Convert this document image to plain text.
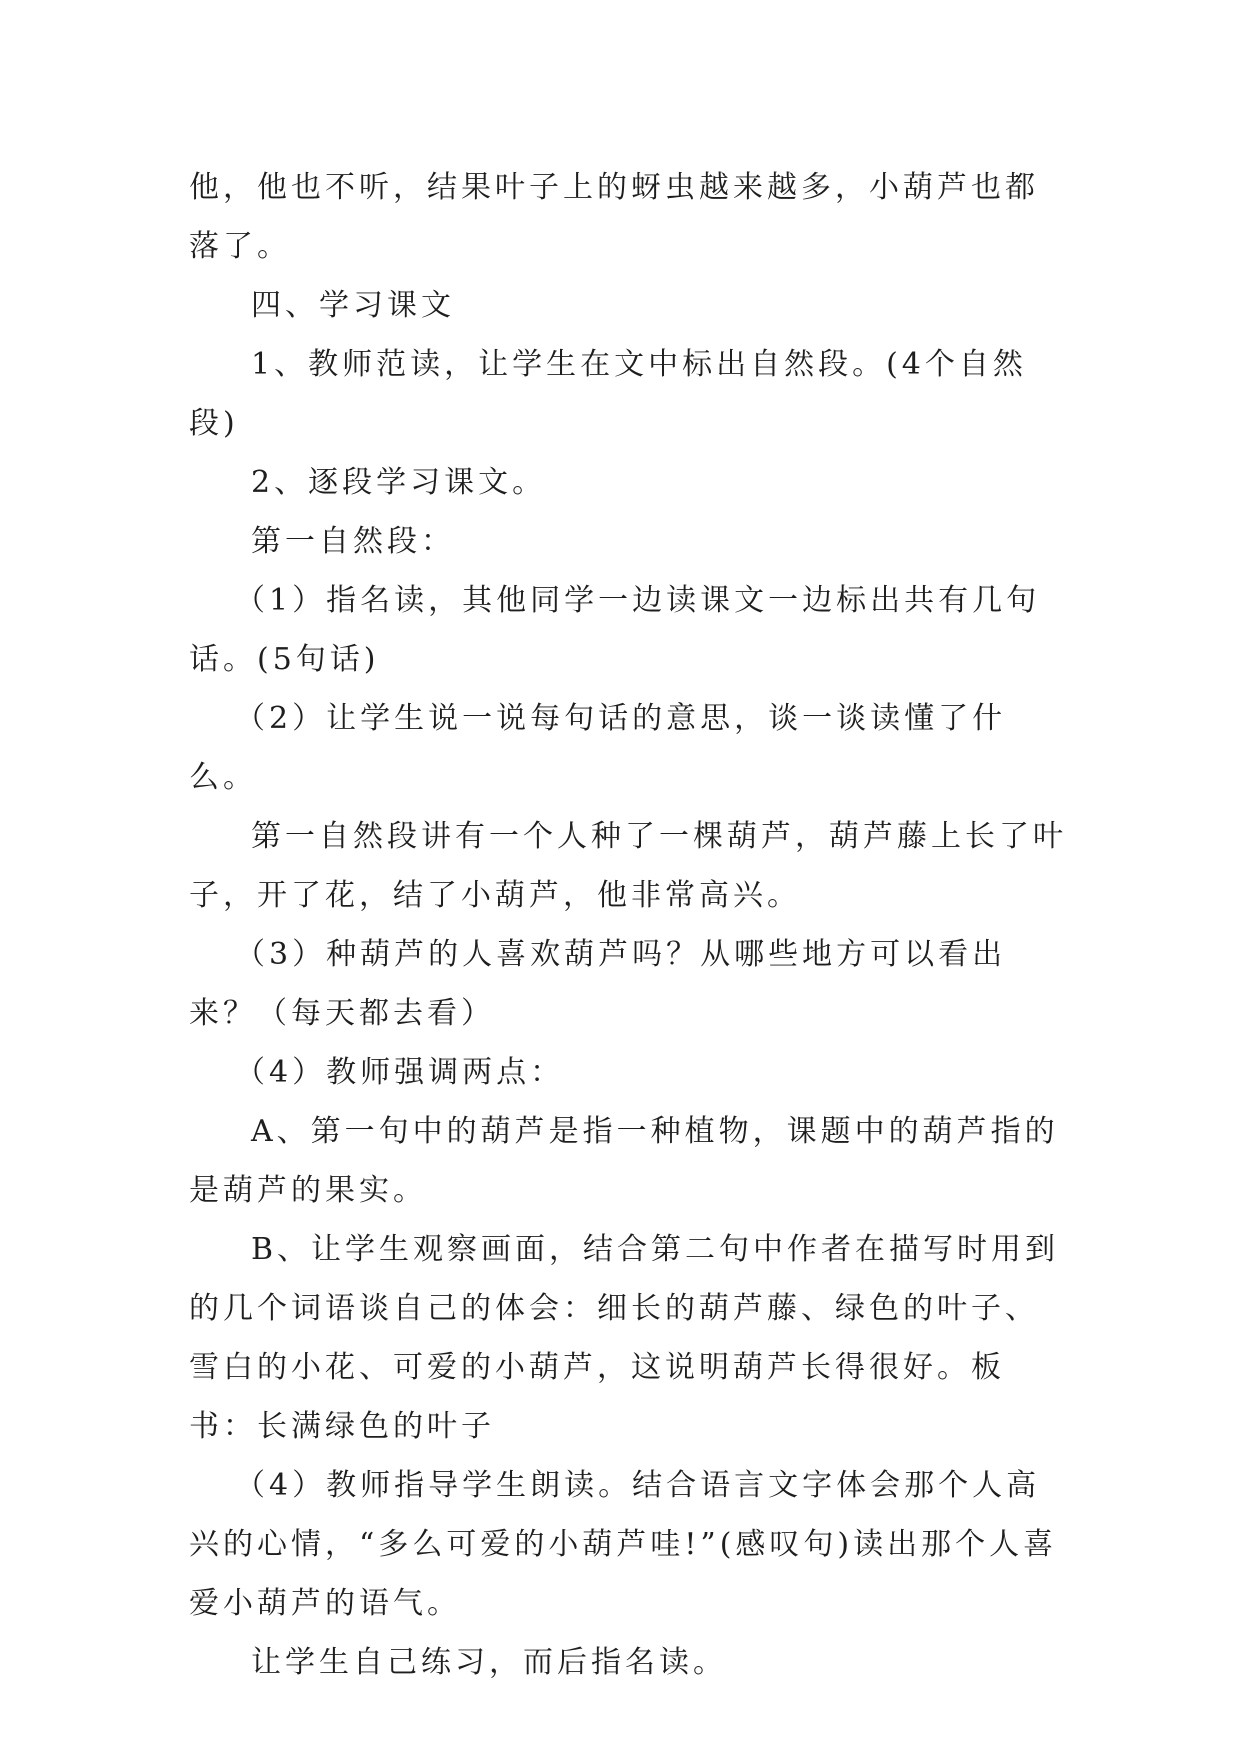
他，他也不听，结果叶子上的蚜虫越来越多，小葫芦也都落了。

四、学习课文

1、教师范读，让学生在文中标出自然段。(4个自然段)

2、逐段学习课文。

第一自然段：

（1）指名读，其他同学一边读课文一边标出共有几句话。(5句话)

（2）让学生说一说每句话的意思，谈一谈读懂了什么。

第一自然段讲有一个人种了一棵葫芦，葫芦藤上长了叶子，开了花，结了小葫芦，他非常高兴。

（3）种葫芦的人喜欢葫芦吗？从哪些地方可以看出来？（每天都去看）

（4）教师强调两点：

A、第一句中的葫芦是指一种植物，课题中的葫芦指的是葫芦的果实。

B、让学生观察画面，结合第二句中作者在描写时用到的几个词语谈自己的体会：细长的葫芦藤、绿色的叶子、雪白的小花、可爱的小葫芦，这说明葫芦长得很好。板书：长满绿色的叶子

（4）教师指导学生朗读。结合语言文字体会那个人高兴的心情，“多么可爱的小葫芦哇!”(感叹句)读出那个人喜爱小葫芦的语气。

让学生自己练习，而后指名读。
